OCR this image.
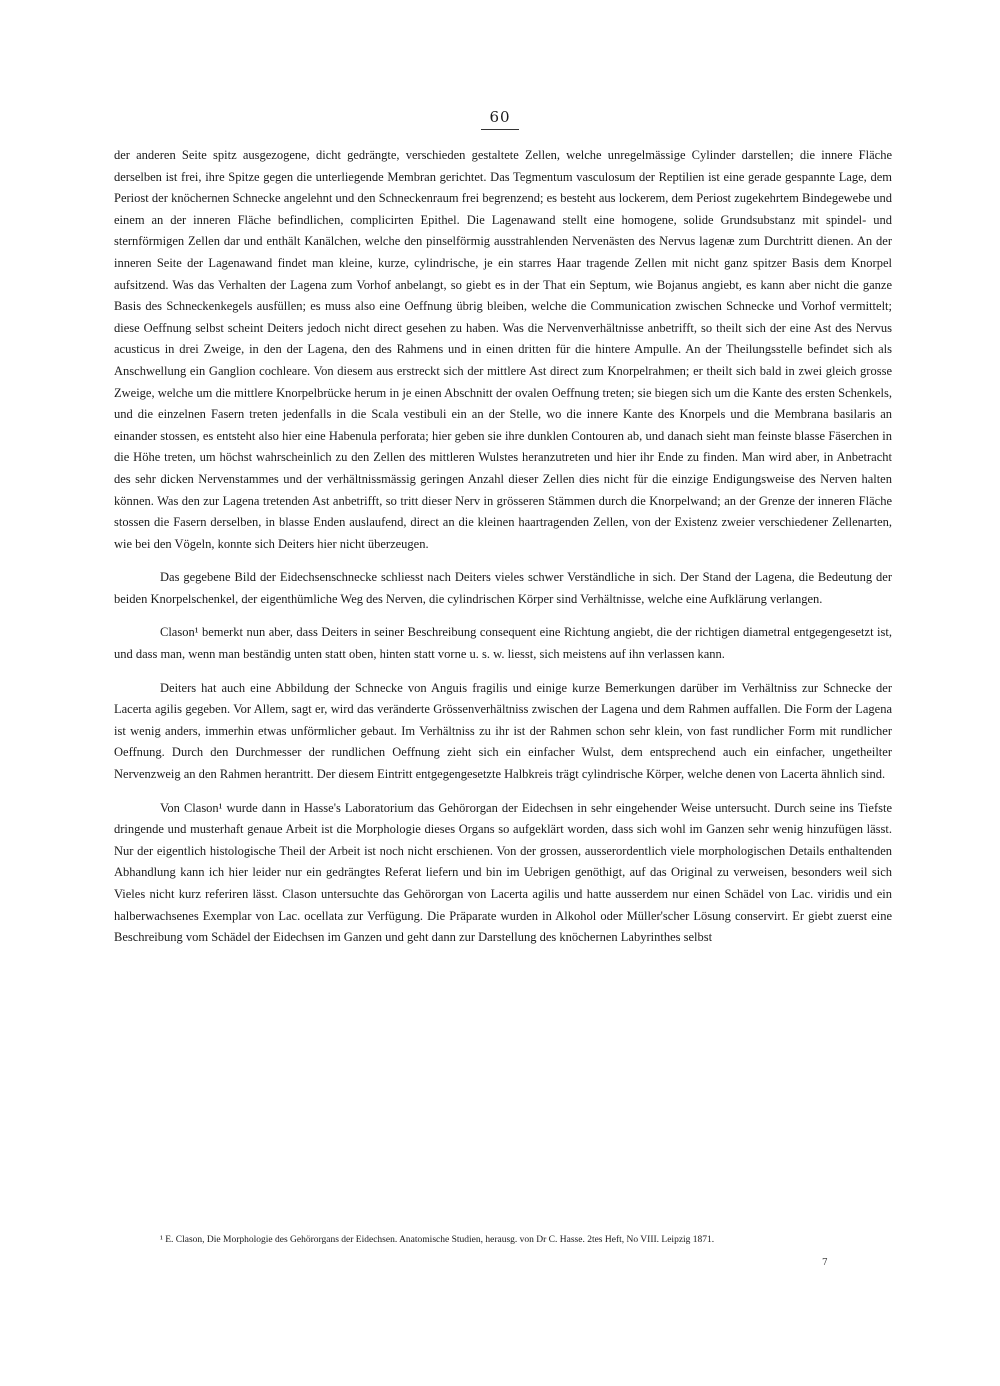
60

der anderen Seite spitz ausgezogene, dicht gedrängte, verschieden gestaltete Zellen, welche unregelmässige Cylinder darstellen; die innere Fläche derselben ist frei, ihre Spitze gegen die unterliegende Membran gerichtet. Das Tegmentum vasculosum der Reptilien ist eine gerade gespannte Lage, dem Periost der knöchernen Schnecke angelehnt und den Schneckenraum frei begrenzend; es besteht aus lockerem, dem Periost zugekehrtem Bindegewebe und einem an der inneren Fläche befindlichen, complicirten Epithel. Die Lagenawand stellt eine homogene, solide Grundsubstanz mit spindel- und sternförmigen Zellen dar und enthält Kanälchen, welche den pinselförmig ausstrahlenden Nervenästen des Nervus lagenæ zum Durchtritt dienen. An der inneren Seite der Lagenawand findet man kleine, kurze, cylindrische, je ein starres Haar tragende Zellen mit nicht ganz spitzer Basis dem Knorpel aufsitzend. Was das Verhalten der Lagena zum Vorhof anbelangt, so giebt es in der That ein Septum, wie Bojanus angiebt, es kann aber nicht die ganze Basis des Schneckenkegels ausfüllen; es muss also eine Oeffnung übrig bleiben, welche die Communication zwischen Schnecke und Vorhof vermittelt; diese Oeffnung selbst scheint Deiters jedoch nicht direct gesehen zu haben. Was die Nervenverhältnisse anbetrifft, so theilt sich der eine Ast des Nervus acusticus in drei Zweige, in den der Lagena, den des Rahmens und in einen dritten für die hintere Ampulle. An der Theilungsstelle befindet sich als Anschwellung ein Ganglion cochleare. Von diesem aus erstreckt sich der mittlere Ast direct zum Knorpelrahmen; er theilt sich bald in zwei gleich grosse Zweige, welche um die mittlere Knorpelbrücke herum in je einen Abschnitt der ovalen Oeffnung treten; sie biegen sich um die Kante des ersten Schenkels, und die einzelnen Fasern treten jedenfalls in die Scala vestibuli ein an der Stelle, wo die innere Kante des Knorpels und die Membrana basilaris an einander stossen, es entsteht also hier eine Habenula perforata; hier geben sie ihre dunklen Contouren ab, und danach sieht man feinste blasse Fäserchen in die Höhe treten, um höchst wahrscheinlich zu den Zellen des mittleren Wulstes heranzutreten und hier ihr Ende zu finden. Man wird aber, in Anbetracht des sehr dicken Nervenstammes und der verhältnissmässig geringen Anzahl dieser Zellen dies nicht für die einzige Endigungsweise des Nerven halten können. Was den zur Lagena tretenden Ast anbetrifft, so tritt dieser Nerv in grösseren Stämmen durch die Knorpelwand; an der Grenze der inneren Fläche stossen die Fasern derselben, in blasse Enden auslaufend, direct an die kleinen haartragenden Zellen, von der Existenz zweier verschiedener Zellenarten, wie bei den Vögeln, konnte sich Deiters hier nicht überzeugen.

Das gegebene Bild der Eidechsenschnecke schliesst nach Deiters vieles schwer Verständliche in sich. Der Stand der Lagena, die Bedeutung der beiden Knorpelschenkel, der eigenthümliche Weg des Nerven, die cylindrischen Körper sind Verhältnisse, welche eine Aufklärung verlangen.

Clason¹ bemerkt nun aber, dass Deiters in seiner Beschreibung consequent eine Richtung angiebt, die der richtigen diametral entgegengesetzt ist, und dass man, wenn man beständig unten statt oben, hinten statt vorne u. s. w. liesst, sich meistens auf ihn verlassen kann.

Deiters hat auch eine Abbildung der Schnecke von Anguis fragilis und einige kurze Bemerkungen darüber im Verhältniss zur Schnecke der Lacerta agilis gegeben. Vor Allem, sagt er, wird das veränderte Grössenverhältniss zwischen der Lagena und dem Rahmen auffallen. Die Form der Lagena ist wenig anders, immerhin etwas unförmlicher gebaut. Im Verhältniss zu ihr ist der Rahmen schon sehr klein, von fast rundlicher Form mit rundlicher Oeffnung. Durch den Durchmesser der rundlichen Oeffnung zieht sich ein einfacher Wulst, dem entsprechend auch ein einfacher, ungetheilter Nervenzweig an den Rahmen herantritt. Der diesem Eintritt entgegengesetzte Halbkreis trägt cylindrische Körper, welche denen von Lacerta ähnlich sind.

Von Clason¹ wurde dann in Hasse's Laboratorium das Gehörorgan der Eidechsen in sehr eingehender Weise untersucht. Durch seine ins Tiefste dringende und musterhaft genaue Arbeit ist die Morphologie dieses Organs so aufgeklärt worden, dass sich wohl im Ganzen sehr wenig hinzufügen lässt. Nur der eigentlich histologische Theil der Arbeit ist noch nicht erschienen. Von der grossen, ausserordentlich viele morphologischen Details enthaltenden Abhandlung kann ich hier leider nur ein gedrängtes Referat liefern und bin im Uebrigen genöthigt, auf das Original zu verweisen, besonders weil sich Vieles nicht kurz referiren lässt. Clason untersuchte das Gehörorgan von Lacerta agilis und hatte ausserdem nur einen Schädel von Lac. viridis und ein halberwachsenes Exemplar von Lac. ocellata zur Verfügung. Die Präparate wurden in Alkohol oder Müller'scher Lösung conservirt. Er giebt zuerst eine Beschreibung vom Schädel der Eidechsen im Ganzen und geht dann zur Darstellung des knöchernen Labyrinthes selbst

¹ E. Clason, Die Morphologie des Gehörorgans der Eidechsen. Anatomische Studien, herausg. von Dr C. Hasse. 2tes Heft, No VIII. Leipzig 1871.
7
